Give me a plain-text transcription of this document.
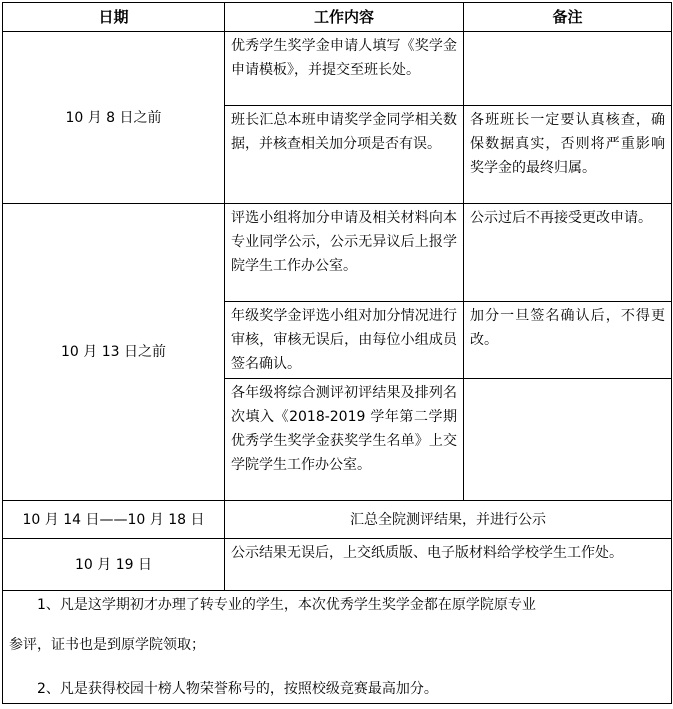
日期	工作内容	备注
10 月 8 日之前	优秀学生奖学金申请人填写《奖学金申请模板》，并提交至班长处。	
	班长汇总本班申请奖学金同学相关数据，并核查相关加分项是否有误。	各班班长一定要认真核查，确保数据真实，否则将严重影响奖学金的最终归属。
10 月 13 日之前	评选小组将加分申请及相关材料向本专业同学公示，公示无异议后上报学院学生工作办公室。	公示过后不再接受更改申请。
	年级奖学金评选小组对加分情况进行审核，审核无误后，由每位小组成员签名确认。	加分一旦签名确认后，不得更改。
	各年级将综合测评初评结果及排列名次填入《2018-2019 学年第二学期优秀学生奖学金获奖学生名单》上交学院学生工作办公室。	
10 月 14 日——10 月 18 日	汇总全院测评结果，并进行公示	
10 月 19 日	公示结果无误后，上交纸质版、电子版材料给学校学生工作处。	

1、凡是这学期初才办理了转专业的学生，本次优秀学生奖学金都在原学院原专业
参评，证书也是到原学院领取；
2、凡是获得校园十榜人物荣誉称号的，按照校级竞赛最高加分。		
